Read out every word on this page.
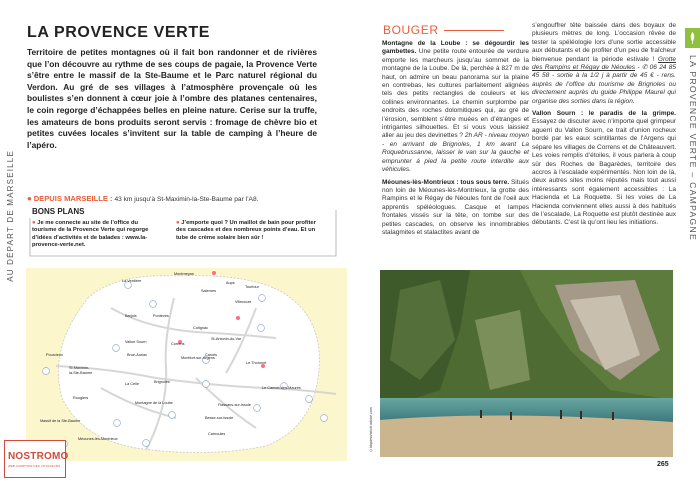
AU DÉPART DE MARSEILLE
LA PROVENCE VERTE
Territoire de petites montagnes où il fait bon randonner et de rivières que l’on découvre au rythme de ses coups de pagaie, la Provence Verte s’être entre le massif de la Ste-Baume et le Parc naturel régional du Verdon. Au gré de ses villages à l’atmosphère provençale où les boulistes s’en donnent à cœur joie à l’ombre des platanes centenaires, le coin regorge d’échappées belles en pleine nature. Cerise sur la truffe, les amateurs de bons produits seront servis : fromage de chèvre bio et petites cuvées locales s’invitent sur la table de camping à l’heure de l’apéro.
● DEPUIS MARSEILLE : 43 km jusqu’à St-Maximin-la-Ste-Baume par l’A8.
BONS PLANS
● Je me connecte au site de l’office du tourisme de la Provence Verte qui regorge d’idées d’activités et de balades : www.la-provence-verte.net.
● J’emporte quoi ? Un maillot de bain pour profiter des cascades et des nombreux points d’eau. Et un tube de crème solaire bien sûr !
La Verdière
Montmeyan
Aups
Salernes
Villecroze
Tourtour
Barjols	Pontevès
Cotignac
St-Antonin-du-Var
Correns
Vallon Sourn
Brue-Auriac
Montfort-sur-Argens
Carcès
Le Thoronet
Pourcieux
St-Maximin-
la-Ste-Baume
Brignoles
La Celle
Le Cannet-des-Maures
Montagne de la Loube	Flassans-sur-Issole
Rougiers
Besse-sur-Issole
Massif de la Ste-Baume
Carnoules
Méounes-lès-Montrieux
NOSTROMO
WEB COMPTOIR DES VOYAGEURS
BOUGER
Montagne de la Loube : se dégourdir les gambettes. Une petite route entourée de verdure emporte les marcheurs jusqu’au sommet de la montagne de la Loube. De là, perchée à 827 m de haut, on admire un beau panorama sur la plaine en contrebas, les cultures parfaitement alignées tels des petits rectangles de couleurs et les collines environnantes. Le chemin surplombe par endroits des roches dolomitiques qui, au gré de l’érosion, semblent s’être muées en d’étranges et intrigantes silhouettes. Et si vous vous laissiez aller au jeu des devinettes ? 2h AR - niveau moyen - en arrivant de Brignoles, 1 km avant La Roquebrussanne, laisser le van sur la gauche et emprunter à pied la petite route interdite aux véhicules.
Méounes-lès-Montrieux : tous sous terre. Situés non loin de Méounes-lès-Montrieux, la grotte des Rampins et le Régay de Néoules font de l’oeil aux apprentis spéléologues. Casque et lampes frontales vissés sur la tête, on tombe sur des petites cascades, on observe les innombrables stalagmites et stalactites avant de
s’engouffrer tête baissée dans des boyaux de plusieurs mètres de long. L’occasion rêvée de tester la spéléologie lors d’une sortie accessible aux débutants et de profiter d’un peu de fraîcheur bienvenue pendant la période estivale ! Grotte des Rampins et Régay de Néoules - ✆ 06 24 85 45 58 - sortie à la 1/2 j à partir de 45 € - rens. auprès de l’office du tourisme de Brignoles ou directement auprès du guide Philippe Maurel qui organise des sorties dans la région.
Vallon Sourn : le paradis de la grimpe. Essayez de discuter avec n’importe quel grimpeur aguerri du Vallon Sourn, ce trait d’union rocheux bordé par les eaux scintillantes de l’Argens qui sépare les villages de Correns et de Châteauvert. Les voies remplis d’étoiles, il vous parlera à coup sûr des Roches de Bagarèdes, territoire des accros à l’escalade expérimentés. Non loin de là, deux autres sites moins réputés mais tout aussi intéressants sont également accessibles : La Hacienda et La Roquette. Si les voies de La Hacienda conviennent elles aussi à des habitués de l’escalade, La Roquette est plutôt destinée aux débutants. C’est là qu’ont lieu les initiations.	LA PROVENCE VERTE – CAMPAGNE
©hiapimo/stock.adobe.com
265
